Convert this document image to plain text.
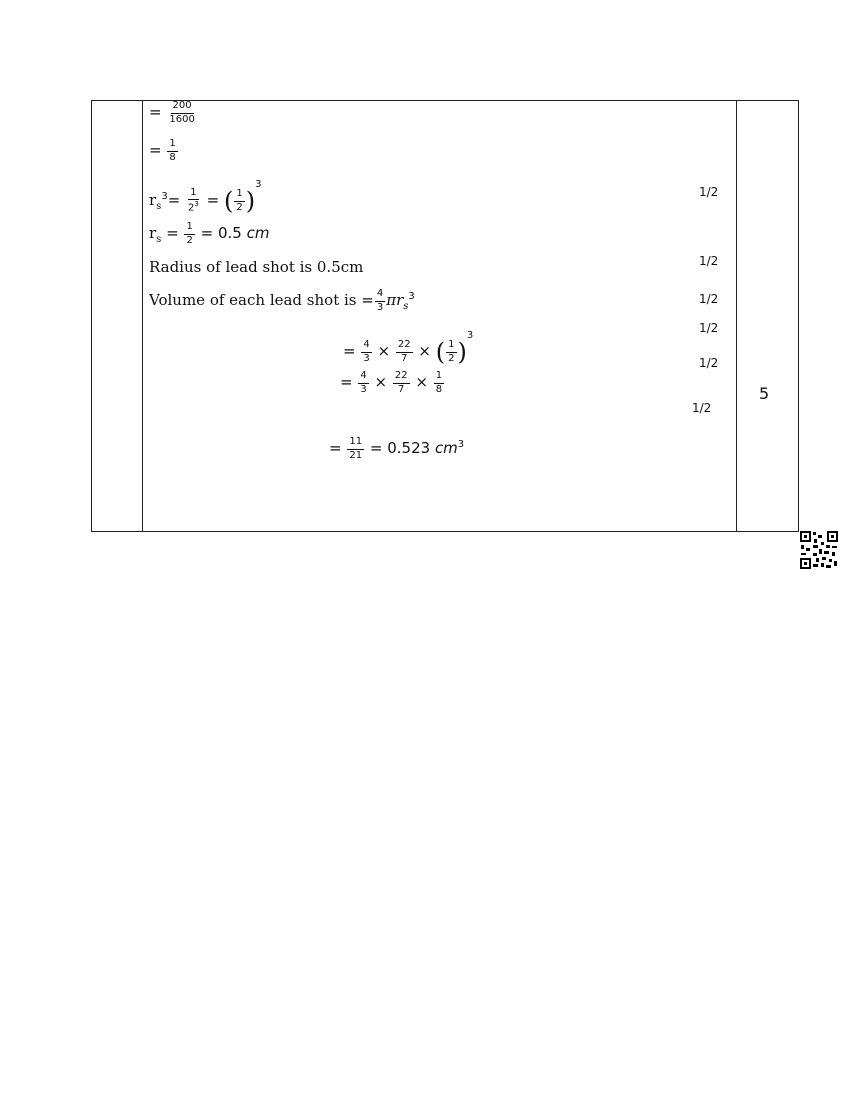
= $\frac{200}{1600}$
= $\frac{1}{8}$
$r_s^3= \frac{1}{2^3}$ = ( $\frac{1}{2} )^3$
$r_s = \frac{1}{2} = 0.5$ cm
Radius of lead shot is 0.5cm
Volume of each lead shot is = $\frac{4}{3} \pi r_s^3$
= $\frac{4}{3} \times \frac{22}{7}$ × ( $\frac{1}{2} )^3$
= $\frac{4}{3} \times \frac{22}{7} \times \frac{1}{8}$
= $\frac{11}{21} = 0.523$ $cm^3$
1/2
1/2
1/2
1/2
1/2
1/2
5
